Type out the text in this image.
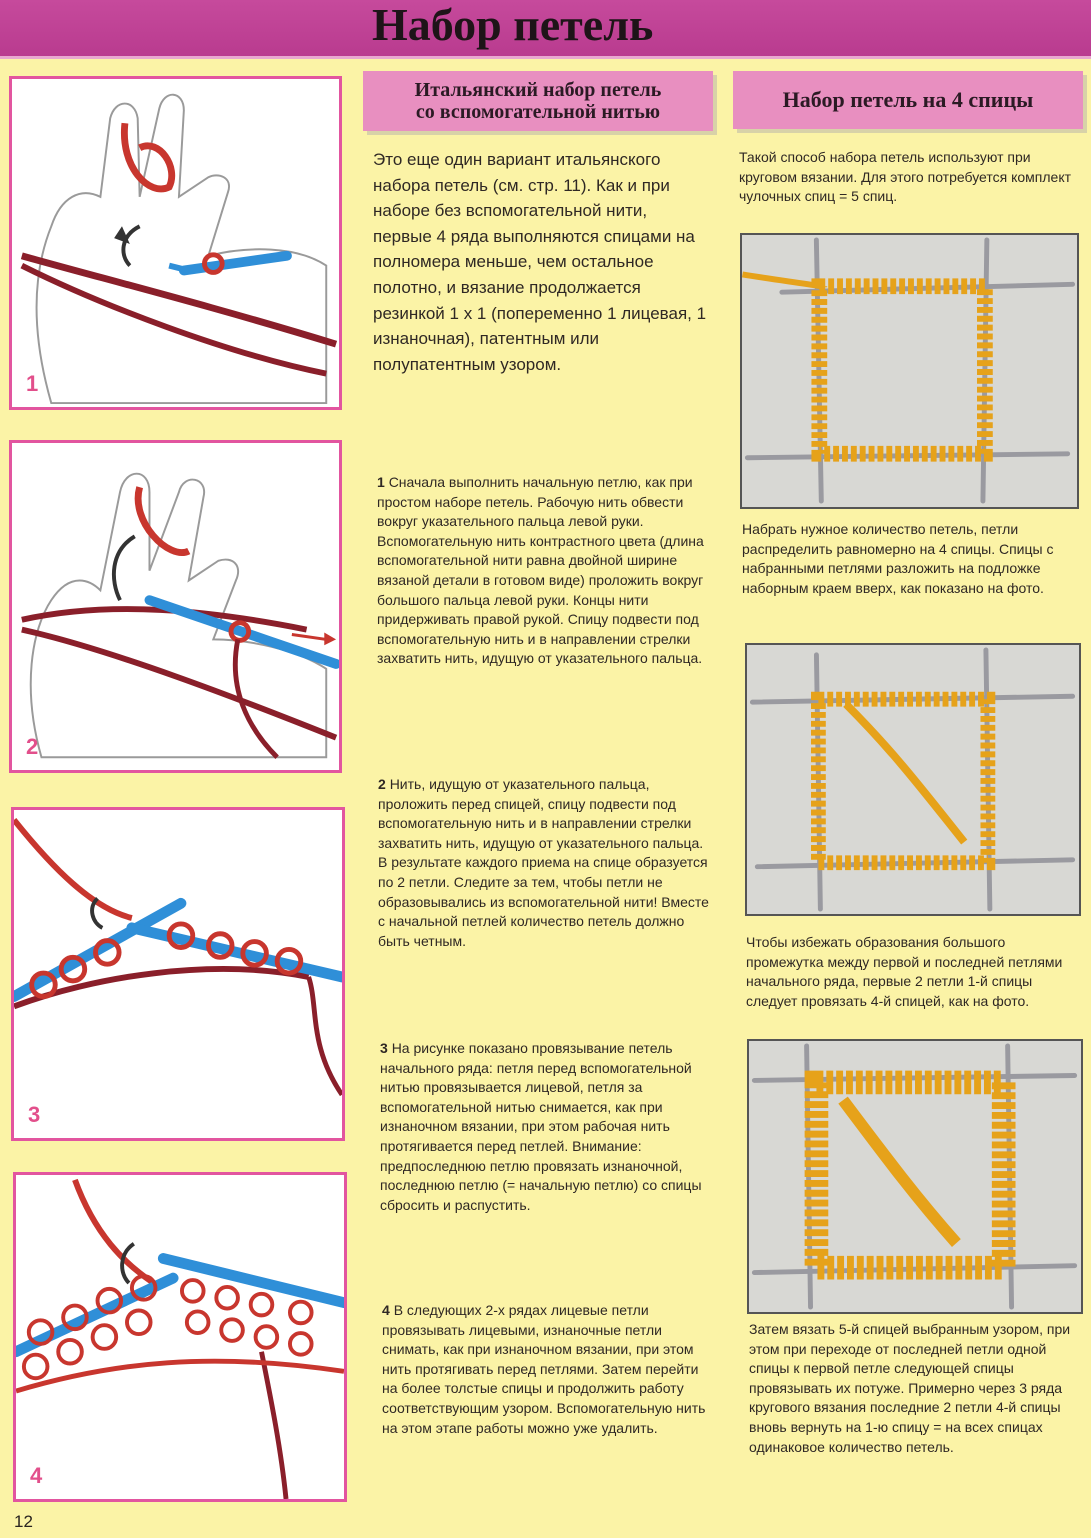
Набор петель
1
2
3
4
Итальянский набор петель
со вспомогательной нитью

Это еще один вариант итальянского набора петель (см. стр. 11). Как и при наборе без вспомогательной нити, первые 4 ряда выполняются спицами на полномера меньше, чем остальное полотно, и вязание продолжается резинкой 1 х 1 (попеременно 1 лицевая, 1 изнаночная), патентным или полупатентным узором.

1 Сначала выполнить начальную петлю, как при простом наборе петель. Рабочую нить обвести вокруг указательного пальца левой руки. Вспомогательную нить контрастного цвета (длина вспомогательной нити равна двойной ширине вязаной детали в готовом виде) проложить вокруг большого пальца левой руки. Концы нити придерживать правой рукой. Спицу подвести под вспомогательную нить и в направлении стрелки захватить нить, идущую от указательного пальца.

2 Нить, идущую от указательного пальца, проложить перед спицей, спицу подвести под вспомогательную нить и в направлении стрелки захватить нить, идущую от указательного пальца. В результате каждого приема на спице образуется по 2 петли. Следите за тем, чтобы петли не образовывались из вспомогательной нити! Вместе с начальной петлей количество петель должно быть четным.

3 На рисунке показано провязывание петель начального ряда: петля перед вспомогательной нитью провязывается лицевой, петля за вспомогательной нитью снимается, как при изнаночном вязании, при этом рабочая нить протягивается перед петлей. Внимание: предпоследнюю петлю провязать изнаночной, последнюю петлю (= начальную петлю) со спицы сбросить и распустить.

4 В следующих 2-х рядах лицевые петли провязывать лицевыми, изнаночные петли снимать, как при изнаночном вязании, при этом нить протягивать перед петлями. Затем перейти на более толстые спицы и продолжить работу соответствующим узором. Вспомогательную нить на этом этапе работы можно уже удалить.

Набор петель на 4 спицы

Такой способ набора петель используют при круговом вязании. Для этого потребуется комплект чулочных спиц = 5 спиц.

Набрать нужное количество петель, петли распределить равномерно на 4 спицы. Спицы с набранными петлями разложить на подложке наборным краем вверх, как показано на фото.

Чтобы избежать образования большого промежутка между первой и последней петлями начального ряда, первые 2 петли 1-й спицы следует провязать 4-й спицей, как на фото.

Затем вязать 5-й спицей выбранным узором, при этом при переходе от последней петли одной спицы к первой петле следующей спицы провязывать их потуже. Примерно через 3 ряда кругового вязания последние 2 петли 4-й спицы вновь вернуть на 1-ю спицу = на всех спицах одинаковое количество петель.

12
